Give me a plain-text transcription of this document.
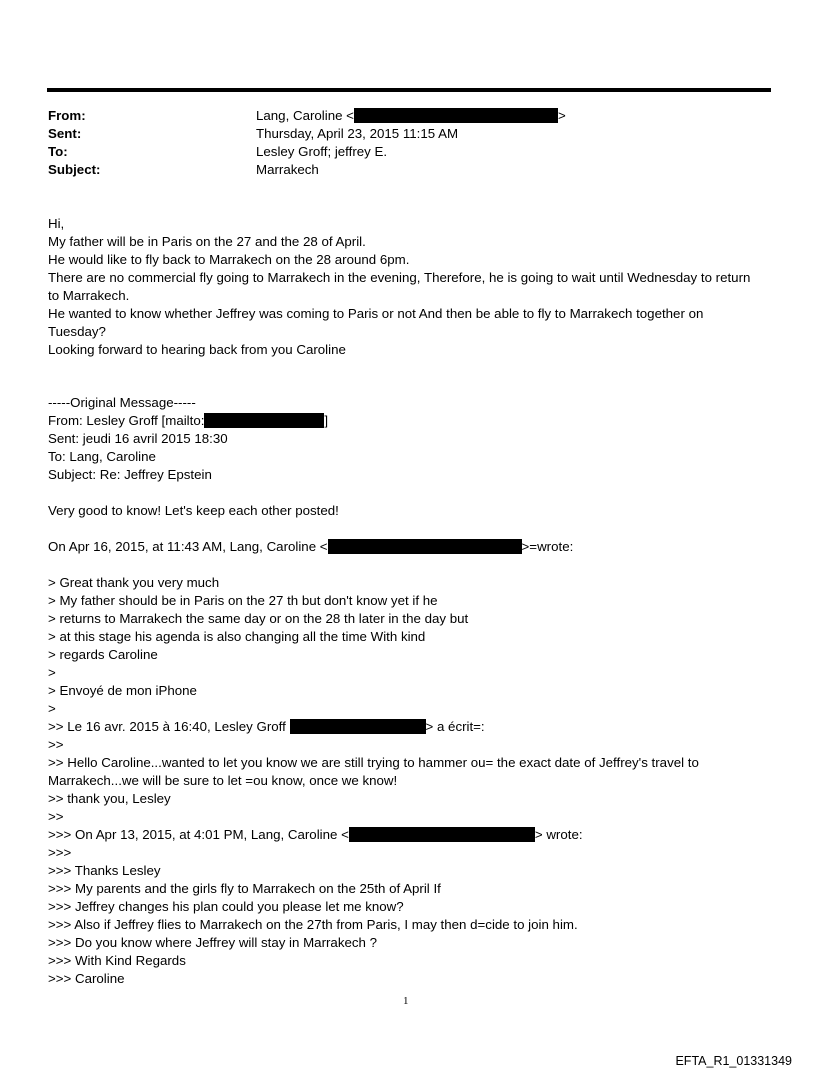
From:	Lang, Caroline <	>
Sent:	Thursday, April 23, 2015 11:15 AM
To:	Lesley Groff; jeffrey E.
Subject:	Marrakech
Hi,
My father will be in Paris on the 27 and the 28 of April.
He would like to fly back to Marrakech on the 28 around 6pm.
There are no commercial fly going to Marrakech in the evening, Therefore, he is going to wait until Wednesday to return
to Marrakech.
He wanted to know whether Jeffrey was coming to Paris or not And then be able to fly to Marrakech together on
Tuesday?
Looking forward to hearing back from you Caroline
-----Original Message-----
From: Lesley Groff [mailto:	]
Sent: jeudi 16 avril 2015 18:30
To: Lang, Caroline
Subject: Re: Jeffrey Epstein
Very good to know! Let's keep each other posted!
On Apr 16, 2015, at 11:43 AM, Lang, Caroline <	>=wrote:
> Great thank you very much
> My father should be in Paris on the 27 th but don't know yet if he
> returns to Marrakech the same day or on the 28 th later in the day but
> at this stage his agenda is also changing all the time With kind
> regards Caroline
>
> Envoyé de mon iPhone
>
>> Le 16 avr. 2015 à 16:40, Lesley Groff	> a écrit=:
>>
>> Hello Caroline...wanted to let you know we are still trying to hammer ou= the exact date of Jeffrey's travel to
Marrakech...we will be sure to let =ou know, once we know!
>> thank you, Lesley
>>
>>> On Apr 13, 2015, at 4:01 PM, Lang, Caroline <	> wrote:
>>>
>>> Thanks Lesley
>>> My parents and the girls fly to Marrakech on the 25th of April If
>>> Jeffrey changes his plan could you please let me know?
>>> Also if Jeffrey flies to Marrakech on the 27th from Paris, I may then d=cide to join him.
>>> Do you know where Jeffrey will stay in Marrakech ?
>>> With Kind Regards
>>> Caroline
1
EFTA_R1_01331349
